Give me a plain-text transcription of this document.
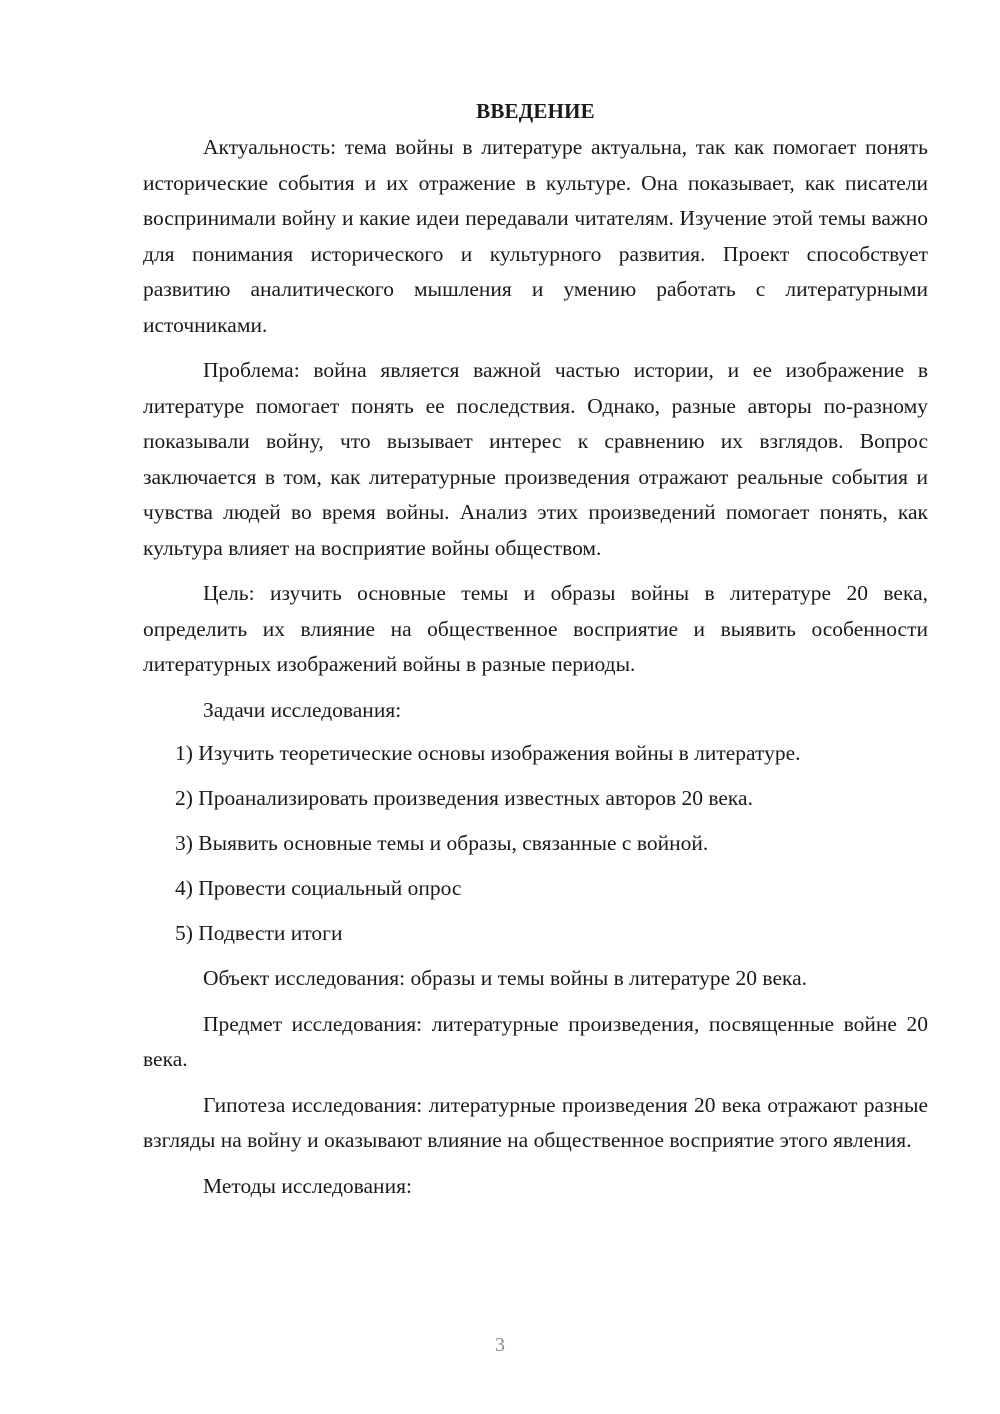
ВВЕДЕНИЕ

Актуальность: тема войны в литературе актуальна, так как помогает понять исторические события и их отражение в культуре. Она показывает, как писатели воспринимали войну и какие идеи передавали читателям. Изучение этой темы важно для понимания исторического и культурного развития. Проект способствует развитию аналитического мышления и умению работать с литературными источниками.

Проблема: война является важной частью истории, и ее изображение в литературе помогает понять ее последствия. Однако, разные авторы по-разному показывали войну, что вызывает интерес к сравнению их взглядов. Вопрос заключается в том, как литературные произведения отражают реальные события и чувства людей во время войны. Анализ этих произведений помогает понять, как культура влияет на восприятие войны обществом.

Цель: изучить основные темы и образы войны в литературе 20 века, определить их влияние на общественное восприятие и выявить особенности литературных изображений войны в разные периоды.

Задачи исследования:

1) Изучить теоретические основы изображения войны в литературе.

2) Проанализировать произведения известных авторов 20 века.

3) Выявить основные темы и образы, связанные с войной.

4) Провести социальный опрос

5) Подвести итоги

Объект исследования: образы и темы войны в литературе 20 века.

Предмет исследования: литературные произведения, посвященные войне 20 века.

Гипотеза исследования: литературные произведения 20 века отражают разные взгляды на войну и оказывают влияние на общественное восприятие этого явления.

Методы исследования:

3
